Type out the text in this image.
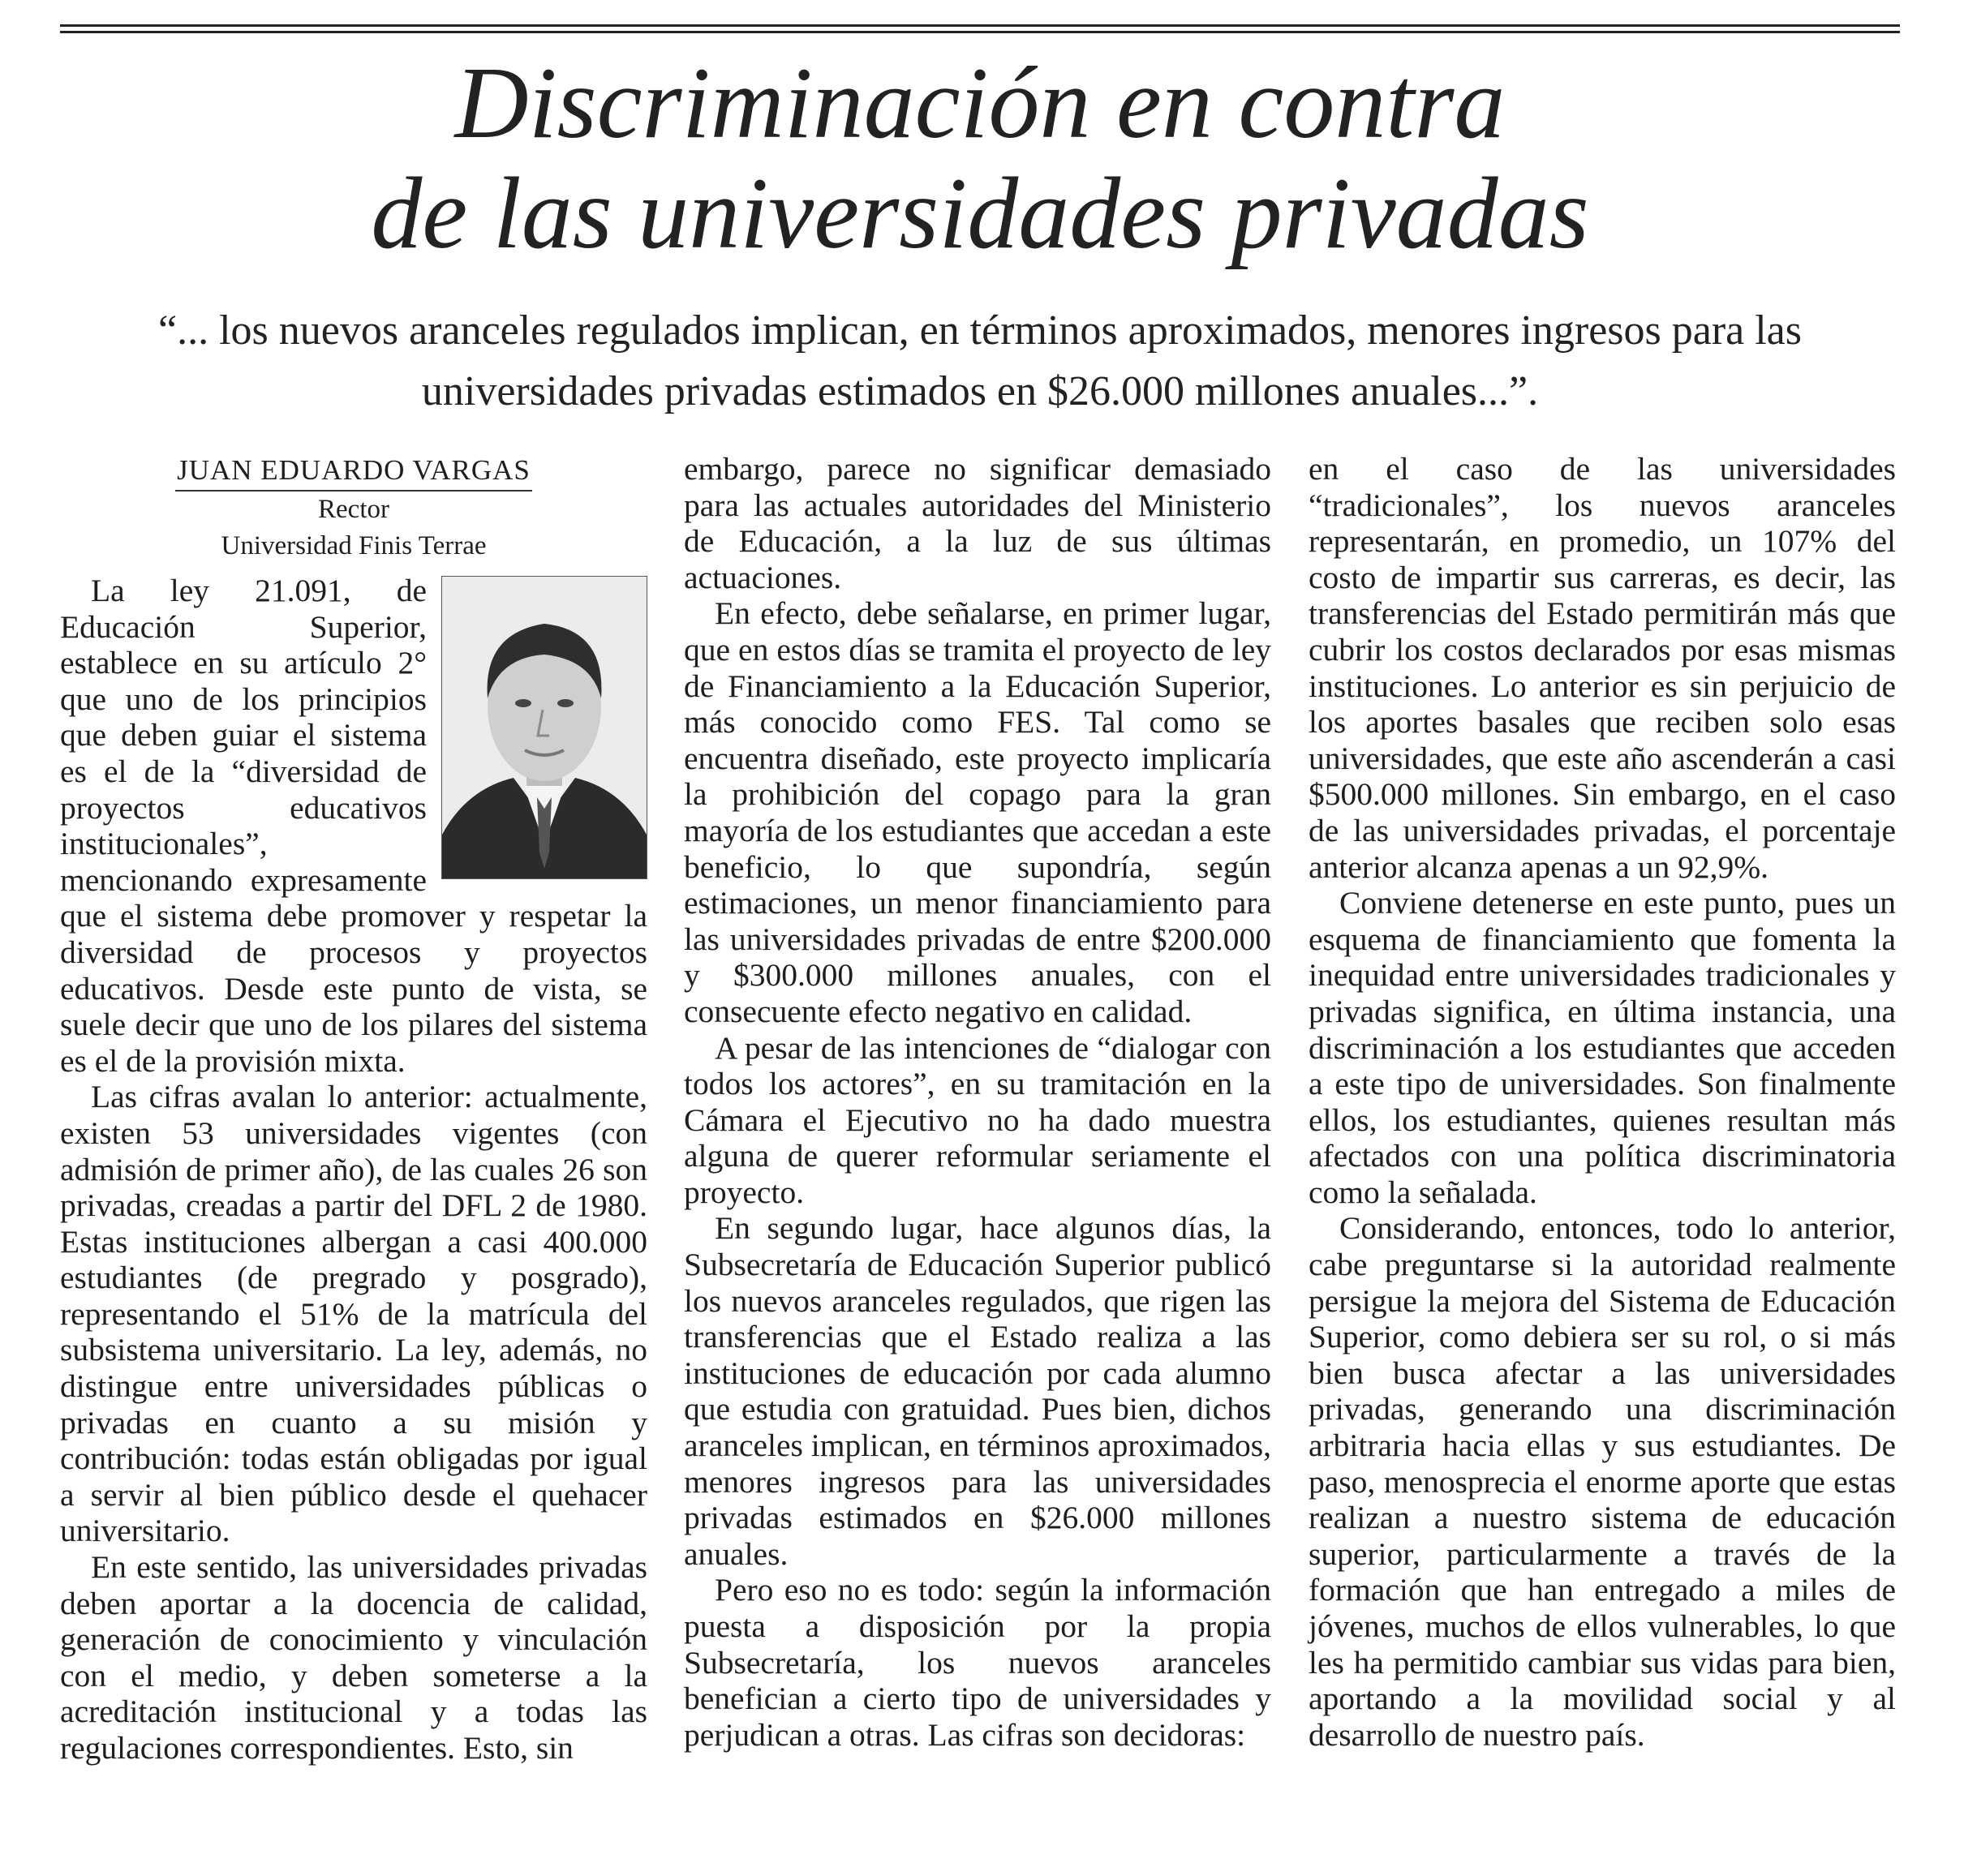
Discriminación en contra
de las universidades privadas

“... los nuevos aranceles regulados implican, en términos aproximados, menores ingresos para las universidades privadas estimados en $26.000 millones anuales...”.

JUAN EDUARDO VARGAS
Rector
Universidad Finis Terrae

La ley 21.091, de Educación Superior, establece en su artículo 2° que uno de los principios que deben guiar el sistema es el de la “diversidad de proyectos educativos institucionales”, mencionando expresamente que el sistema debe promover y respetar la diversidad de procesos y proyectos educativos. Desde este punto de vista, se suele decir que uno de los pilares del sistema es el de la provisión mixta.

Las cifras avalan lo anterior: actualmente, existen 53 universidades vigentes (con admisión de primer año), de las cuales 26 son privadas, creadas a partir del DFL 2 de 1980. Estas instituciones albergan a casi 400.000 estudiantes (de pregrado y posgrado), representando el 51% de la matrícula del subsistema universitario. La ley, además, no distingue entre universidades públicas o privadas en cuanto a su misión y contribución: todas están obligadas por igual a servir al bien público desde el quehacer universitario.

En este sentido, las universidades privadas deben aportar a la docencia de calidad, generación de conocimiento y vinculación con el medio, y deben someterse a la acreditación institucional y a todas las regulaciones correspondientes. Esto, sin

embargo, parece no significar demasiado para las actuales autoridades del Ministerio de Educación, a la luz de sus últimas actuaciones.

En efecto, debe señalarse, en primer lugar, que en estos días se tramita el proyecto de ley de Financiamiento a la Educación Superior, más conocido como FES. Tal como se encuentra diseñado, este proyecto implicaría la prohibición del copago para la gran mayoría de los estudiantes que accedan a este beneficio, lo que supondría, según estimaciones, un menor financiamiento para las universidades privadas de entre $200.000 y $300.000 millones anuales, con el consecuente efecto negativo en calidad.

A pesar de las intenciones de “dialogar con todos los actores”, en su tramitación en la Cámara el Ejecutivo no ha dado muestra alguna de querer reformular seriamente el proyecto.

En segundo lugar, hace algunos días, la Subsecretaría de Educación Superior publicó los nuevos aranceles regulados, que rigen las transferencias que el Estado realiza a las instituciones de educación por cada alumno que estudia con gratuidad. Pues bien, dichos aranceles implican, en términos aproximados, menores ingresos para las universidades privadas estimados en $26.000 millones anuales.

Pero eso no es todo: según la información puesta a disposición por la propia Subsecretaría, los nuevos aranceles benefician a cierto tipo de universidades y perjudican a otras. Las cifras son decidoras:

en el caso de las universidades “tradicionales”, los nuevos aranceles representarán, en promedio, un 107% del costo de impartir sus carreras, es decir, las transferencias del Estado permitirán más que cubrir los costos declarados por esas mismas instituciones. Lo anterior es sin perjuicio de los aportes basales que reciben solo esas universidades, que este año ascenderán a casi $500.000 millones. Sin embargo, en el caso de las universidades privadas, el porcentaje anterior alcanza apenas a un 92,9%.

Conviene detenerse en este punto, pues un esquema de financiamiento que fomenta la inequidad entre universidades tradicionales y privadas significa, en última instancia, una discriminación a los estudiantes que acceden a este tipo de universidades. Son finalmente ellos, los estudiantes, quienes resultan más afectados con una política discriminatoria como la señalada.

Considerando, entonces, todo lo anterior, cabe preguntarse si la autoridad realmente persigue la mejora del Sistema de Educación Superior, como debiera ser su rol, o si más bien busca afectar a las universidades privadas, generando una discriminación arbitraria hacia ellas y sus estudiantes. De paso, menosprecia el enorme aporte que estas realizan a nuestro sistema de educación superior, particularmente a través de la formación que han entregado a miles de jóvenes, muchos de ellos vulnerables, lo que les ha permitido cambiar sus vidas para bien, aportando a la movilidad social y al desarrollo de nuestro país.
